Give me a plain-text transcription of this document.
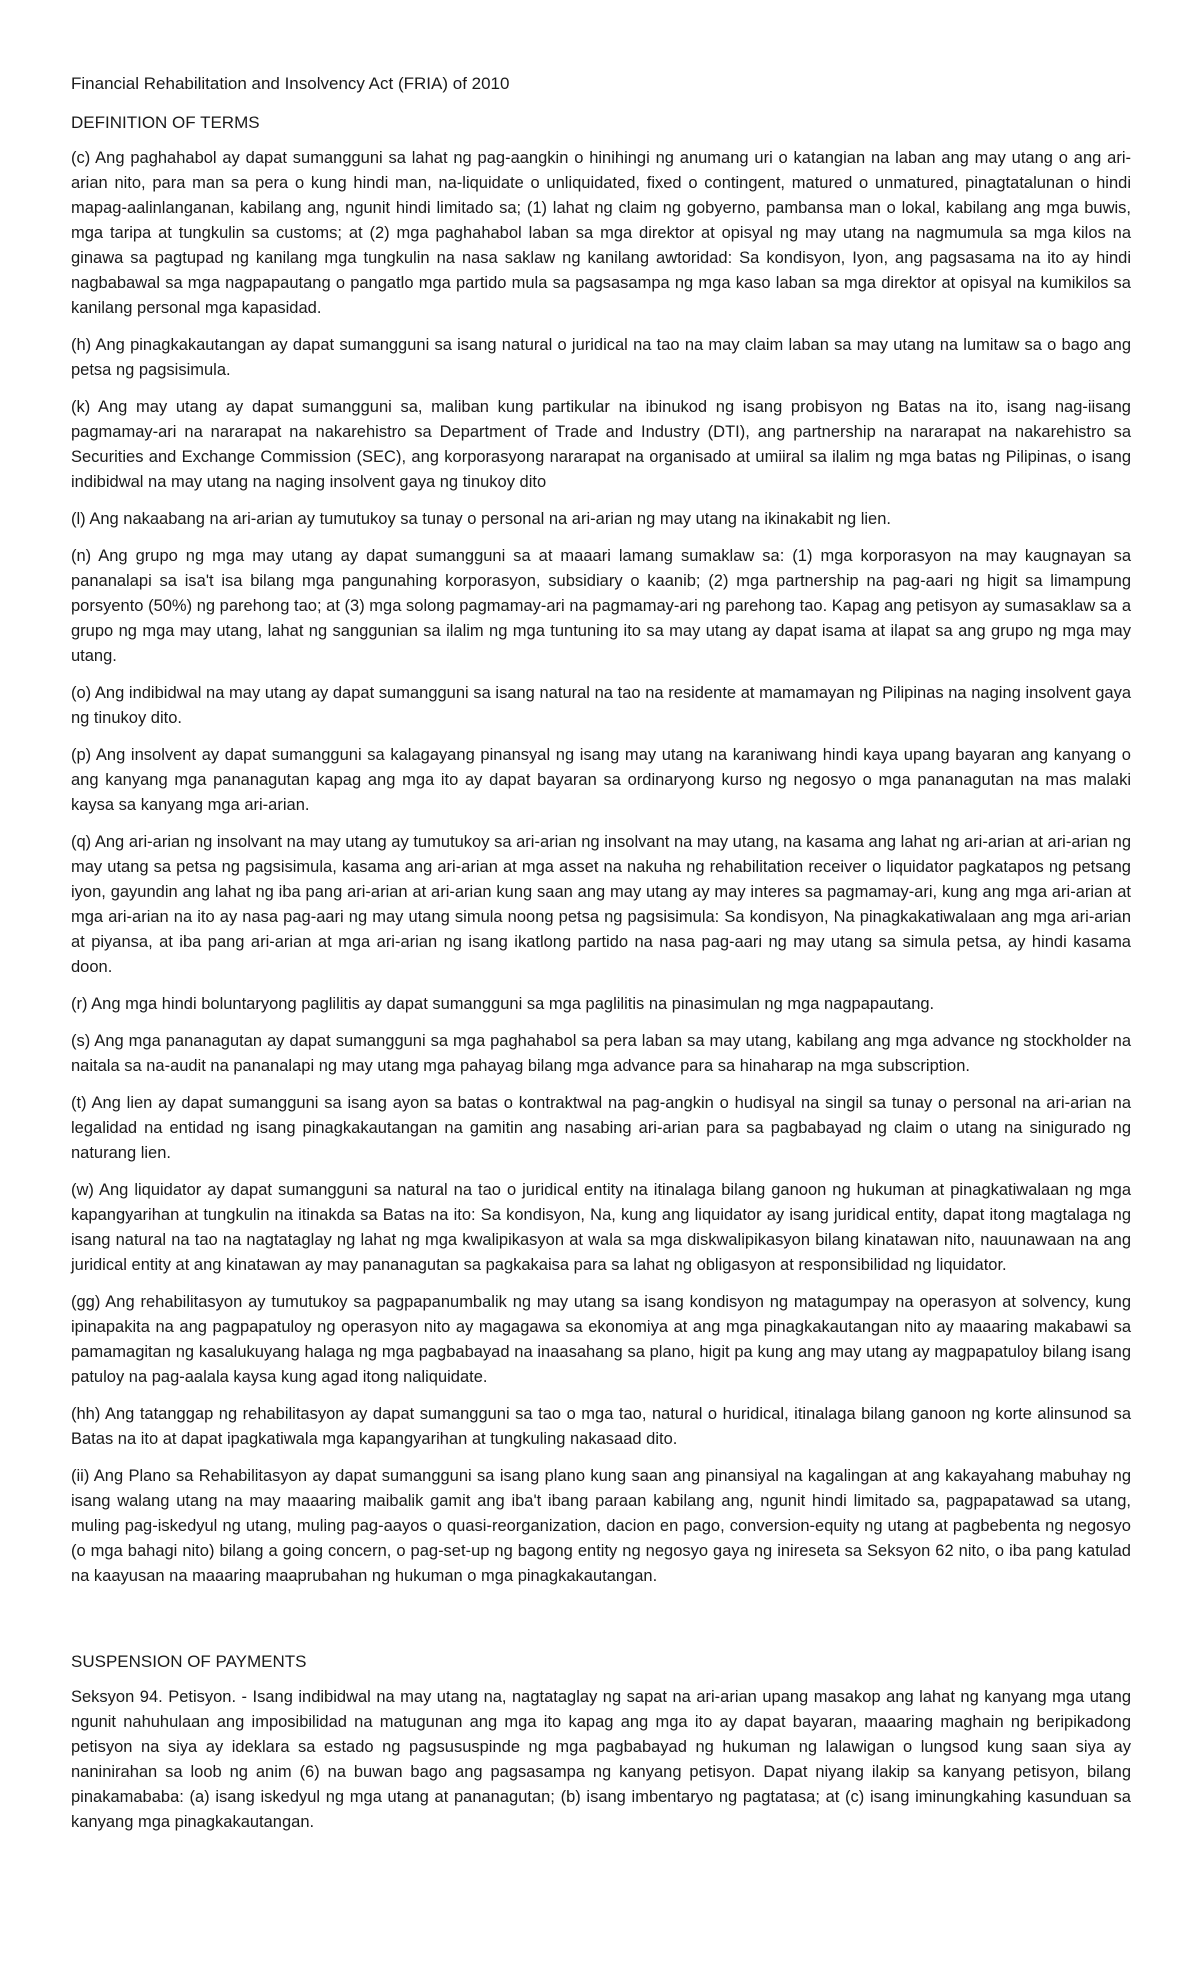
Financial Rehabilitation and Insolvency Act (FRIA) of 2010
DEFINITION OF TERMS

(c) Ang paghahabol ay dapat sumangguni sa lahat ng pag-aangkin o hinihingi ng anumang uri o katangian na laban ang may utang o ang ari-arian nito, para man sa pera o kung hindi man, na-liquidate o unliquidated, fixed o contingent, matured o unmatured, pinagtatalunan o hindi mapag-aalinlanganan, kabilang ang, ngunit hindi limitado sa; (1) lahat ng claim ng gobyerno, pambansa man o lokal, kabilang ang mga buwis, mga taripa at tungkulin sa customs; at (2) mga paghahabol laban sa mga direktor at opisyal ng may utang na nagmumula sa mga kilos na ginawa sa pagtupad ng kanilang mga tungkulin na nasa saklaw ng kanilang awtoridad: Sa kondisyon, Iyon, ang pagsasama na ito ay hindi nagbabawal sa mga nagpapautang o pangatlo mga partido mula sa pagsasampa ng mga kaso laban sa mga direktor at opisyal na kumikilos sa kanilang personal mga kapasidad.

(h) Ang pinagkakautangan ay dapat sumangguni sa isang natural o juridical na tao na may claim laban sa may utang na lumitaw sa o bago ang petsa ng pagsisimula.

(k) Ang may utang ay dapat sumangguni sa, maliban kung partikular na ibinukod ng isang probisyon ng Batas na ito, isang nag-iisang pagmamay-ari na nararapat na nakarehistro sa Department of Trade and Industry (DTI), ang partnership na nararapat na nakarehistro sa Securities and Exchange Commission (SEC), ang korporasyong nararapat na organisado at umiiral sa ilalim ng mga batas ng Pilipinas, o isang indibidwal na may utang na naging insolvent gaya ng tinukoy dito

(l) Ang nakaabang na ari-arian ay tumutukoy sa tunay o personal na ari-arian ng may utang na ikinakabit ng lien.

(n) Ang grupo ng mga may utang ay dapat sumangguni sa at maaari lamang sumaklaw sa: (1) mga korporasyon na may kaugnayan sa pananalapi sa isa't isa bilang mga pangunahing korporasyon, subsidiary o kaanib; (2) mga partnership na pag-aari ng higit sa limampung porsyento (50%) ng parehong tao; at (3) mga solong pagmamay-ari na pagmamay-ari ng parehong tao. Kapag ang petisyon ay sumasaklaw sa a grupo ng mga may utang, lahat ng sanggunian sa ilalim ng mga tuntuning ito sa may utang ay dapat isama at ilapat sa ang grupo ng mga may utang.

(o) Ang indibidwal na may utang ay dapat sumangguni sa isang natural na tao na residente at mamamayan ng Pilipinas na naging insolvent gaya ng tinukoy dito.

(p) Ang insolvent ay dapat sumangguni sa kalagayang pinansyal ng isang may utang na karaniwang hindi kaya upang bayaran ang kanyang o ang kanyang mga pananagutan kapag ang mga ito ay dapat bayaran sa ordinaryong kurso ng negosyo o mga pananagutan na mas malaki kaysa sa kanyang mga ari-arian.

(q) Ang ari-arian ng insolvant na may utang ay tumutukoy sa ari-arian ng insolvant na may utang, na kasama ang lahat ng ari-arian at ari-arian ng may utang sa petsa ng pagsisimula, kasama ang ari-arian at mga asset na nakuha ng rehabilitation receiver o liquidator pagkatapos ng petsang iyon, gayundin ang lahat ng iba pang ari-arian at ari-arian kung saan ang may utang ay may interes sa pagmamay-ari, kung ang mga ari-arian at mga ari-arian na ito ay nasa pag-aari ng may utang simula noong petsa ng pagsisimula: Sa kondisyon, Na pinagkakatiwalaan ang mga ari-arian at piyansa, at iba pang ari-arian at mga ari-arian ng isang ikatlong partido na nasa pag-aari ng may utang sa simula petsa, ay hindi kasama doon.

(r) Ang mga hindi boluntaryong paglilitis ay dapat sumangguni sa mga paglilitis na pinasimulan ng mga nagpapautang.

(s) Ang mga pananagutan ay dapat sumangguni sa mga paghahabol sa pera laban sa may utang, kabilang ang mga advance ng stockholder na naitala sa na-audit na pananalapi ng may utang mga pahayag bilang mga advance para sa hinaharap na mga subscription.

(t) Ang lien ay dapat sumangguni sa isang ayon sa batas o kontraktwal na pag-angkin o hudisyal na singil sa tunay o personal na ari-arian na legalidad na entidad ng isang pinagkakautangan na gamitin ang nasabing ari-arian para sa pagbabayad ng claim o utang na sinigurado ng naturang lien.

(w) Ang liquidator ay dapat sumangguni sa natural na tao o juridical entity na itinalaga bilang ganoon ng hukuman at pinagkatiwalaan ng mga kapangyarihan at tungkulin na itinakda sa Batas na ito: Sa kondisyon, Na, kung ang liquidator ay isang juridical entity, dapat itong magtalaga ng isang natural na tao na nagtataglay ng lahat ng mga kwalipikasyon at wala sa mga diskwalipikasyon bilang kinatawan nito, nauunawaan na ang juridical entity at ang kinatawan ay may pananagutan sa pagkakaisa para sa lahat ng obligasyon at responsibilidad ng liquidator.

(gg) Ang rehabilitasyon ay tumutukoy sa pagpapanumbalik ng may utang sa isang kondisyon ng matagumpay na operasyon at solvency, kung ipinapakita na ang pagpapatuloy ng operasyon nito ay magagawa sa ekonomiya at ang mga pinagkakautangan nito ay maaaring makabawi sa pamamagitan ng kasalukuyang halaga ng mga pagbabayad na inaasahang sa plano, higit pa kung ang may utang ay magpapatuloy bilang isang patuloy na pag-aalala kaysa kung agad itong naliquidate.

(hh) Ang tatanggap ng rehabilitasyon ay dapat sumangguni sa tao o mga tao, natural o huridical, itinalaga bilang ganoon ng korte alinsunod sa Batas na ito at dapat ipagkatiwala mga kapangyarihan at tungkuling nakasaad dito.

(ii) Ang Plano sa Rehabilitasyon ay dapat sumangguni sa isang plano kung saan ang pinansiyal na kagalingan at ang kakayahang mabuhay ng isang walang utang na may maaaring maibalik gamit ang iba't ibang paraan kabilang ang, ngunit hindi limitado sa, pagpapatawad sa utang, muling pag-iskedyul ng utang, muling pag-aayos o quasi-reorganization, dacion en pago, conversion-equity ng utang at pagbebenta ng negosyo (o mga bahagi nito) bilang a going concern, o pag-set-up ng bagong entity ng negosyo gaya ng inireseta sa Seksyon 62 nito, o iba pang katulad na kaayusan na maaaring maaprubahan ng hukuman o mga pinagkakautangan.

SUSPENSION OF PAYMENTS

Seksyon 94. Petisyon. - Isang indibidwal na may utang na, nagtataglay ng sapat na ari-arian upang masakop ang lahat ng kanyang mga utang ngunit nahuhulaan ang imposibilidad na matugunan ang mga ito kapag ang mga ito ay dapat bayaran, maaaring maghain ng beripikadong petisyon na siya ay ideklara sa estado ng pagsususpinde ng mga pagbabayad ng hukuman ng lalawigan o lungsod kung saan siya ay naninirahan sa loob ng anim (6) na buwan bago ang pagsasampa ng kanyang petisyon. Dapat niyang ilakip sa kanyang petisyon, bilang pinakamababa: (a) isang iskedyul ng mga utang at pananagutan; (b) isang imbentaryo ng pagtatasa; at (c) isang iminungkahing kasunduan sa kanyang mga pinagkakautangan.
